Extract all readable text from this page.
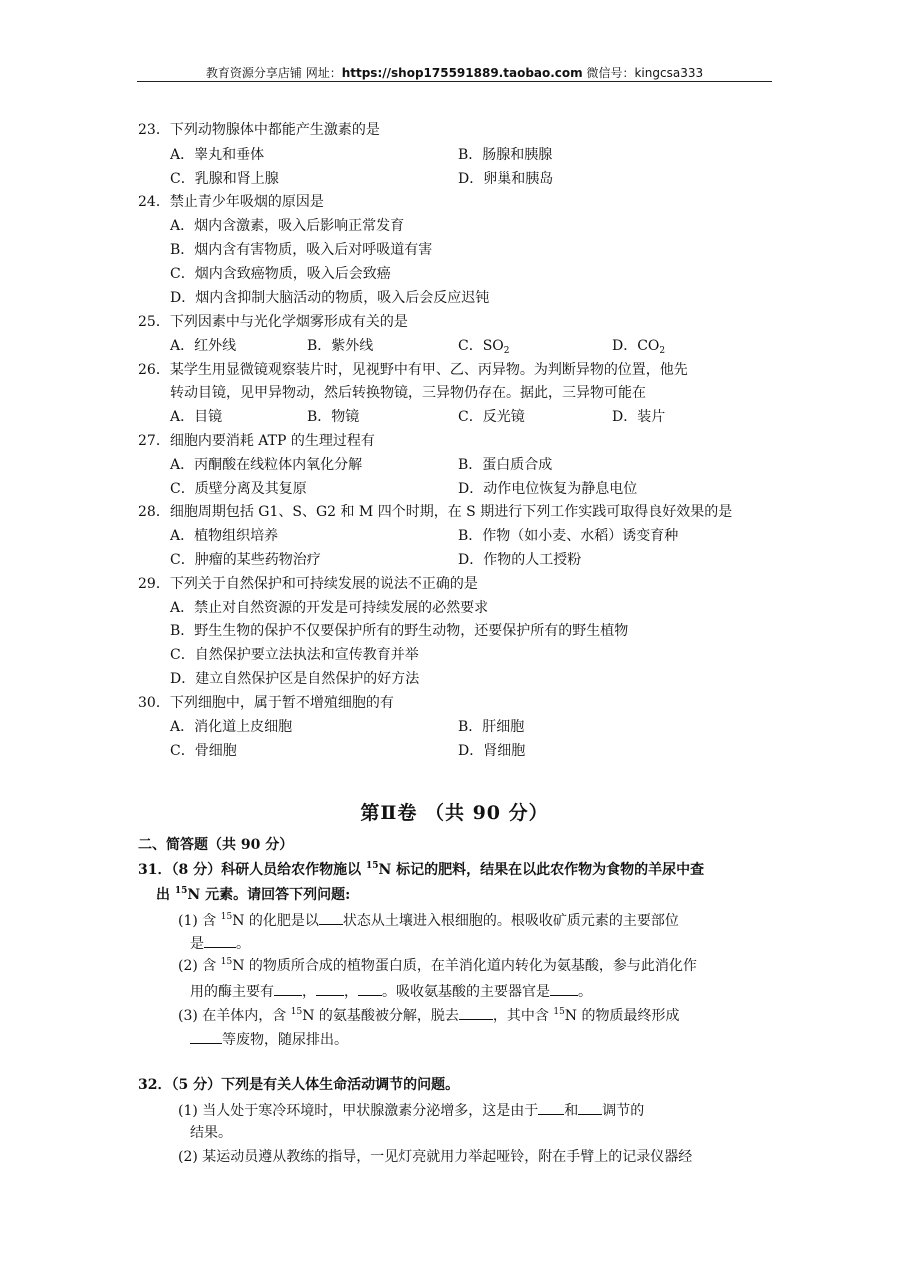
教育资源分享店铺 网址：https://shop175591889.taobao.com 微信号：kingcsa333
23．下列动物腺体中都能产生激素的是
A．睾丸和垂体	B．肠腺和胰腺
C．乳腺和肾上腺	D．卵巢和胰岛
24．禁止青少年吸烟的原因是
A．烟内含激素，吸入后影响正常发育
B．烟内含有害物质，吸入后对呼吸道有害
C．烟内含致癌物质，吸入后会致癌
D．烟内含抑制大脑活动的物质，吸入后会反应迟钝
25．下列因素中与光化学烟雾形成有关的是
A．红外线	B．紫外线	C．$SO_2$	D．$CO_2$
26．某学生用显微镜观察装片时，见视野中有甲、乙、丙异物。为判断异物的位置，他先
转动目镜，见甲异物动，然后转换物镜，三异物仍存在。据此，三异物可能在
A．目镜	B．物镜	C．反光镜	D．装片
27．细胞内要消耗 ATP 的生理过程有
A．丙酮酸在线粒体内氧化分解	B．蛋白质合成
C．质壁分离及其复原	D．动作电位恢复为静息电位
28．细胞周期包括 G1、S、G2 和 M 四个时期，在 S 期进行下列工作实践可取得良好效果的是
A．植物组织培养	B．作物（如小麦、水稻）诱变育种
C．肿瘤的某些药物治疗	D．作物的人工授粉
29．下列关于自然保护和可持续发展的说法不正确的是
A．禁止对自然资源的开发是可持续发展的必然要求
B．野生生物的保护不仅要保护所有的野生动物，还要保护所有的野生植物
C．自然保护要立法执法和宣传教育并举
D．建立自然保护区是自然保护的好方法
30．下列细胞中，属于暂不增殖细胞的有
A．消化道上皮细胞	B．肝细胞
C．骨细胞	D．肾细胞
第Ⅱ卷 （共 90 分）
二、简答题（共 90 分）
31．（8 分）科研人员给农作物施以 $^{15}$N 标记的肥料，结果在以此农作物为食物的羊尿中查
出 $^{15}$N 元素。请回答下列问题:
(1) 含 $^{15}$N 的化肥是以 状态从土壤进入根细胞的。根吸收矿质元素的主要部位
是 。
(2) 含 $^{15}$N 的物质所合成的植物蛋白质，在羊消化道内转化为氨基酸，参与此消化作
用的酶主要有 ， ， 。吸收氨基酸的主要器官是 。
(3) 在羊体内，含 $^{15}$N 的氨基酸被分解，脱去 ，其中含 $^{15}$N 的物质最终形成
等废物，随尿排出。
32．（5 分）下列是有关人体生命活动调节的问题。
(1) 当人处于寒冷环境时，甲状腺激素分泌增多，这是由于 和 调节的
结果。
(2) 某运动员遵从教练的指导，一见灯亮就用力举起哑铃，附在手臂上的记录仪器经
